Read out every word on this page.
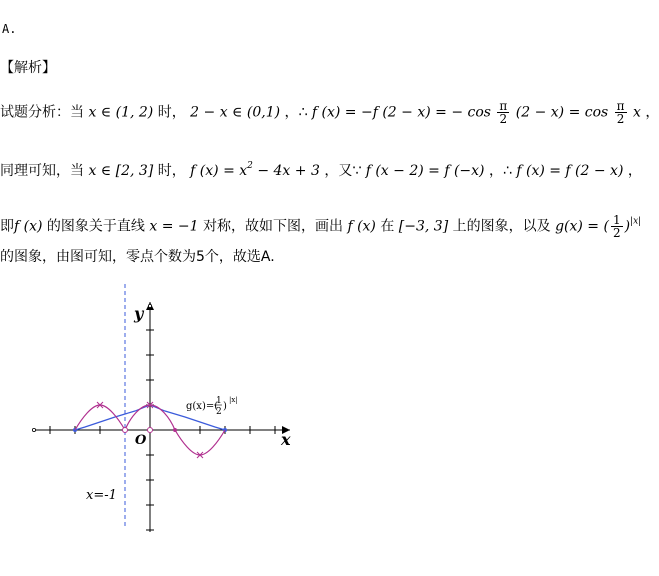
A.
【解析】
试题分析：当 x ∈ (1, 2) 时， 2 − x ∈ (0,1) ，∴ f (x) = −f (2 − x) = − $\cos \frac{\pi}{2} (2 - x) = \cos \frac{\pi}{2}$ x ，
同理可知，当 x ∈ [2, 3] 时， f $(x) = x^2 - 4x + 3$ ，又∵ f (x − 2) = f (−x) ，∴ f (x) = f (2 − x) ，
即f (x) 的图象关于直线 x = −1 对称，故如下图，画出 f (x) 在 [−3, 3] 上的图象，以及 g(x) = ( $\frac{1}{2} )^{|x|}$
的图象，由图可知，零点个数为5个，故选A.
y
x
O
x=-1
g(x)=(
1
2 )
|x|
